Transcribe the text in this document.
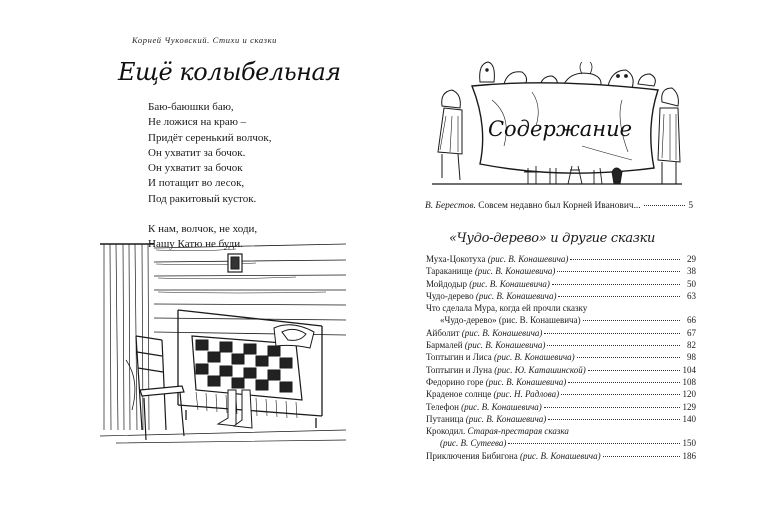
Корней Чуковский. Стихи и сказки
Ещё колыбельная
Баю-баюшки баю,
Не ложися на краю –
Придёт серенький волчок,
Он ухватит за бочок.
Он ухватит за бочок
И потащит во лесок,
Под ракитовый кусток.
К нам, волчок, не ходи,
Нашу Катю не буди.
Содержание
В. Берестов.
Совсем недавно был Корней Иванович...	5
«Чудо-дерево» и другие сказки
Муха-Цокотуха (рис. В. Конашевича)	29
Тараканище (рис. В. Конашевича)	38
Мойдодыр (рис. В. Конашевича)	50
Чудо-дерево (рис. В. Конашевича)	63
Что сделала Мура, когда ей прочли сказку
«Чудо-дерево» (рис. В. Конашевича)	66
Айболит (рис. В. Конашевича)	67
Бармалей (рис. В. Конашевича)	82
Топтыгин и Лиса (рис. В. Конашевича)	98
Топтыгин и Луна (рис. Ю. Каташинской)	104
Федорино горе (рис. В. Конашевича)	108
Краденое солнце (рис. Н. Радлова)	120
Телефон (рис. В. Конашевича)	129
Путаница (рис. В. Конашевича)	140
Крокодил. Старая-престарая сказка
(рис. В. Сутеева)	150
Приключения Бибигона (рис. В. Конашевича)	186
